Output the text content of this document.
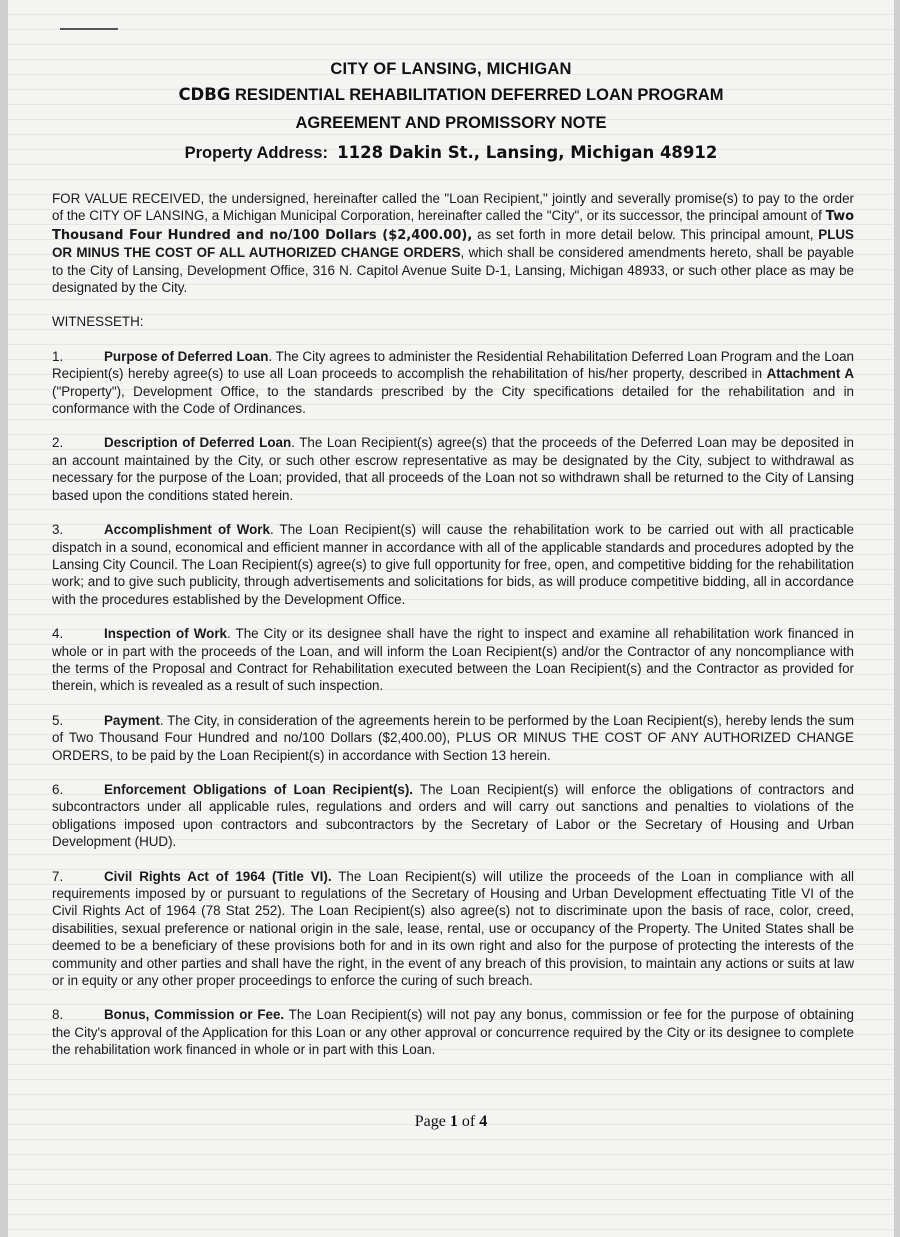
CITY OF LANSING, MICHIGAN
CDBG RESIDENTIAL REHABILITATION DEFERRED LOAN PROGRAM
AGREEMENT AND PROMISSORY NOTE
Property Address: 1128 Dakin St., Lansing, Michigan 48912

FOR VALUE RECEIVED, the undersigned, hereinafter called the "Loan Recipient," jointly and severally promise(s) to pay to the order of the CITY OF LANSING, a Michigan Municipal Corporation, hereinafter called the "City", or its successor, the principal amount of Two Thousand Four Hundred and no/100 Dollars ($2,400.00), as set forth in more detail below. This principal amount, PLUS OR MINUS THE COST OF ALL AUTHORIZED CHANGE ORDERS, which shall be considered amendments hereto, shall be payable to the City of Lansing, Development Office, 316 N. Capitol Avenue Suite D-1, Lansing, Michigan 48933, or such other place as may be designated by the City.

WITNESSETH:

1.	Purpose of Deferred Loan. The City agrees to administer the Residential Rehabilitation Deferred Loan Program and the Loan Recipient(s) hereby agree(s) to use all Loan proceeds to accomplish the rehabilitation of his/her property, described in Attachment A ("Property"), Development Office, to the standards prescribed by the City specifications detailed for the rehabilitation and in conformance with the Code of Ordinances.

2.	Description of Deferred Loan. The Loan Recipient(s) agree(s) that the proceeds of the Deferred Loan may be deposited in an account maintained by the City, or such other escrow representative as may be designated by the City, subject to withdrawal as necessary for the purpose of the Loan; provided, that all proceeds of the Loan not so withdrawn shall be returned to the City of Lansing based upon the conditions stated herein.

3.	Accomplishment of Work. The Loan Recipient(s) will cause the rehabilitation work to be carried out with all practicable dispatch in a sound, economical and efficient manner in accordance with all of the applicable standards and procedures adopted by the Lansing City Council. The Loan Recipient(s) agree(s) to give full opportunity for free, open, and competitive bidding for the rehabilitation work; and to give such publicity, through advertisements and solicitations for bids, as will produce competitive bidding, all in accordance with the procedures established by the Development Office.

4.	Inspection of Work. The City or its designee shall have the right to inspect and examine all rehabilitation work financed in whole or in part with the proceeds of the Loan, and will inform the Loan Recipient(s) and/or the Contractor of any noncompliance with the terms of the Proposal and Contract for Rehabilitation executed between the Loan Recipient(s) and the Contractor as provided for therein, which is revealed as a result of such inspection.

5.	Payment. The City, in consideration of the agreements herein to be performed by the Loan Recipient(s), hereby lends the sum of Two Thousand Four Hundred and no/100 Dollars ($2,400.00), PLUS OR MINUS THE COST OF ANY AUTHORIZED CHANGE ORDERS, to be paid by the Loan Recipient(s) in accordance with Section 13 herein.

6.	Enforcement Obligations of Loan Recipient(s). The Loan Recipient(s) will enforce the obligations of contractors and subcontractors under all applicable rules, regulations and orders and will carry out sanctions and penalties to violations of the obligations imposed upon contractors and subcontractors by the Secretary of Labor or the Secretary of Housing and Urban Development (HUD).

7.	Civil Rights Act of 1964 (Title VI). The Loan Recipient(s) will utilize the proceeds of the Loan in compliance with all requirements imposed by or pursuant to regulations of the Secretary of Housing and Urban Development effectuating Title VI of the Civil Rights Act of 1964 (78 Stat 252). The Loan Recipient(s) also agree(s) not to discriminate upon the basis of race, color, creed, disabilities, sexual preference or national origin in the sale, lease, rental, use or occupancy of the Property. The United States shall be deemed to be a beneficiary of these provisions both for and in its own right and also for the purpose of protecting the interests of the community and other parties and shall have the right, in the event of any breach of this provision, to maintain any actions or suits at law or in equity or any other proper proceedings to enforce the curing of such breach.

8.	Bonus, Commission or Fee. The Loan Recipient(s) will not pay any bonus, commission or fee for the purpose of obtaining the City's approval of the Application for this Loan or any other approval or concurrence required by the City or its designee to complete the rehabilitation work financed in whole or in part with this Loan.

Page 1 of 4
